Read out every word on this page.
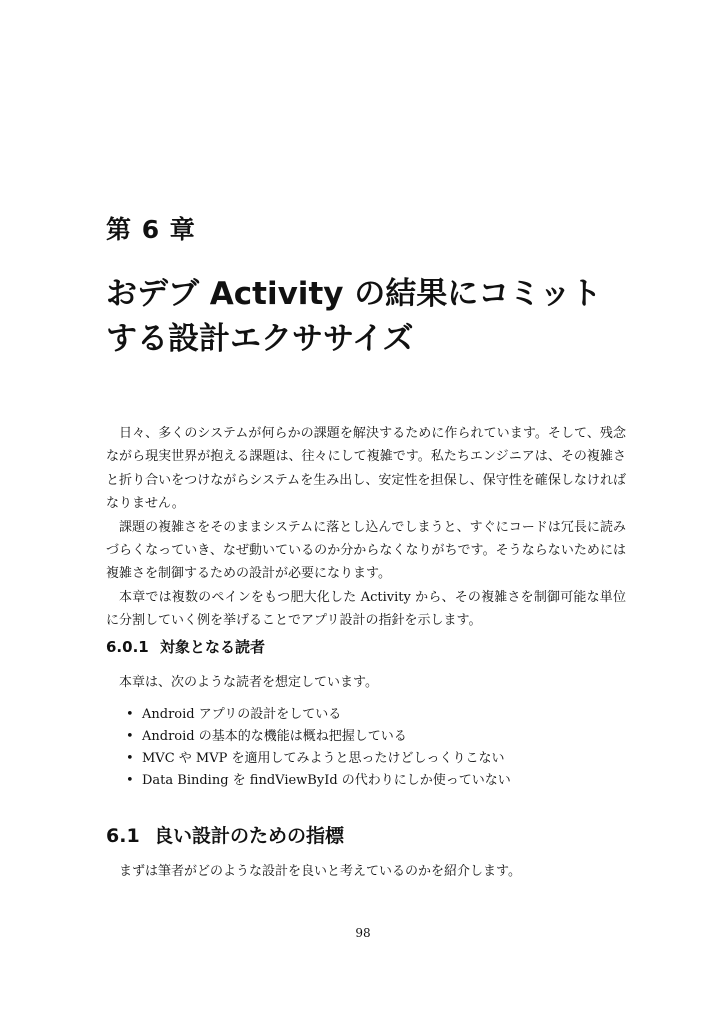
第 6 章
おデブ Activity の結果にコミット
する設計エクササイズ

日々、多くのシステムが何らかの課題を解決するために作られています。そして、残念ながら現実世界が抱える課題は、往々にして複雑です。私たちエンジニアは、その複雑さと折り合いをつけながらシステムを生み出し、安定性を担保し、保守性を確保しなければなりません。

課題の複雑さをそのままシステムに落とし込んでしまうと、すぐにコードは冗長に読みづらくなっていき、なぜ動いているのか分からなくなりがちです。そうならないためには複雑さを制御するための設計が必要になります。

本章では複数のペインをもつ肥大化した Activity から、その複雑さを制御可能な単位に分割していく例を挙げることでアプリ設計の指針を示します。

6.0.1 対象となる読者

本章は、次のような読者を想定しています。

• Android アプリの設計をしている
• Android の基本的な機能は概ね把握している
• MVC や MVP を適用してみようと思ったけどしっくりこない
• Data Binding を findViewById の代わりにしか使っていない
6.1 良い設計のための指標

まずは筆者がどのような設計を良いと考えているのかを紹介します。

98
